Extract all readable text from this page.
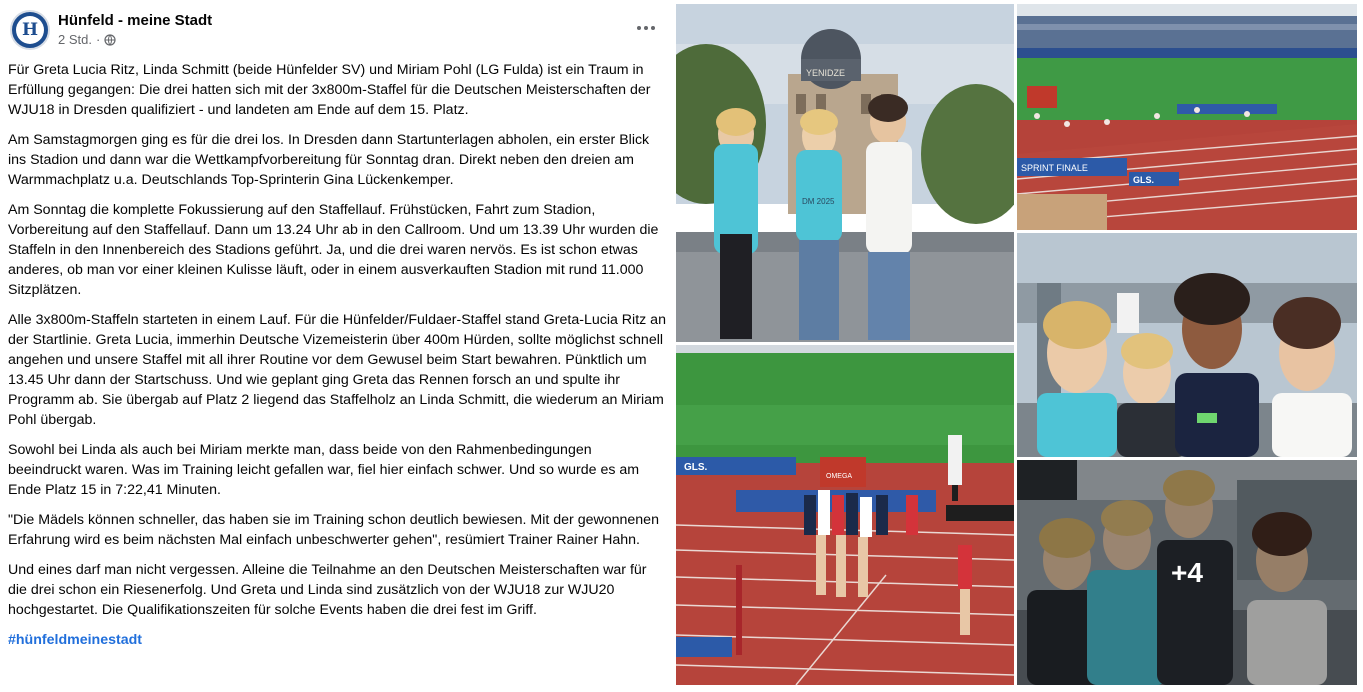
H Hünfeld - meine Stadt
2 Std. ·

Für Greta Lucia Ritz, Linda Schmitt (beide Hünfelder SV) und Miriam Pohl (LG Fulda) ist ein Traum in Erfüllung gegangen: Die drei hatten sich mit der 3x800m-Staffel für die Deutschen Meisterschaften der WJU18 in Dresden qualifiziert - und landeten am Ende auf dem 15. Platz.

Am Samstagmorgen ging es für die drei los. In Dresden dann Startunterlagen abholen, ein erster Blick ins Stadion und dann war die Wettkampfvorbereitung für Sonntag dran. Direkt neben den dreien am Warmmachplatz u.a. Deutschlands Top-Sprinterin Gina Lückenkemper.

Am Sonntag die komplette Fokussierung auf den Staffellauf. Frühstücken, Fahrt zum Stadion, Vorbereitung auf den Staffellauf. Dann um 13.24 Uhr ab in den Callroom. Und um 13.39 Uhr wurden die Staffeln in den Innenbereich des Stadions geführt. Ja, und die drei waren nervös. Es ist schon etwas anderes, ob man vor einer kleinen Kulisse läuft, oder in einem ausverkauften Stadion mit rund 11.000 Sitzplätzen.

Alle 3x800m-Staffeln starteten in einem Lauf. Für die Hünfelder/Fuldaer-Staffel stand Greta-Lucia Ritz an der Startlinie. Greta Lucia, immerhin Deutsche Vizemeisterin über 400m Hürden, sollte möglichst schnell angehen und unsere Staffel mit all ihrer Routine vor dem Gewusel beim Start bewahren. Pünktlich um 13.45 Uhr dann der Startschuss. Und wie geplant ging Greta das Rennen forsch an und spulte ihr Programm ab. Sie übergab auf Platz 2 liegend das Staffelholz an Linda Schmitt, die wiederum an Miriam Pohl übergab.

Sowohl bei Linda als auch bei Miriam merkte man, dass beide von den Rahmenbedingungen beeindruckt waren. Was im Training leicht gefallen war, fiel hier einfach schwer. Und so wurde es am Ende Platz 15 in 7:22,41 Minuten.

"Die Mädels können schneller, das haben sie im Training schon deutlich bewiesen. Mit der gewonnenen Erfahrung wird es beim nächsten Mal einfach unbeschwerter gehen", resümiert Trainer Rainer Hahn.

Und eines darf man nicht vergessen. Alleine die Teilnahme an den Deutschen Meisterschaften war für die drei schon ein Riesenerfolg. Und Greta und Linda sind zusätzlich von der WJU18 zur WJU20 hochgestartet. Die Qualifikationszeiten für solche Events haben die drei fest im Griff.

#hünfeldmeinestadt
YENIDZE
DM 2025
SPRINT FINALE
GLS.
GLS.
OMEGA
+4
